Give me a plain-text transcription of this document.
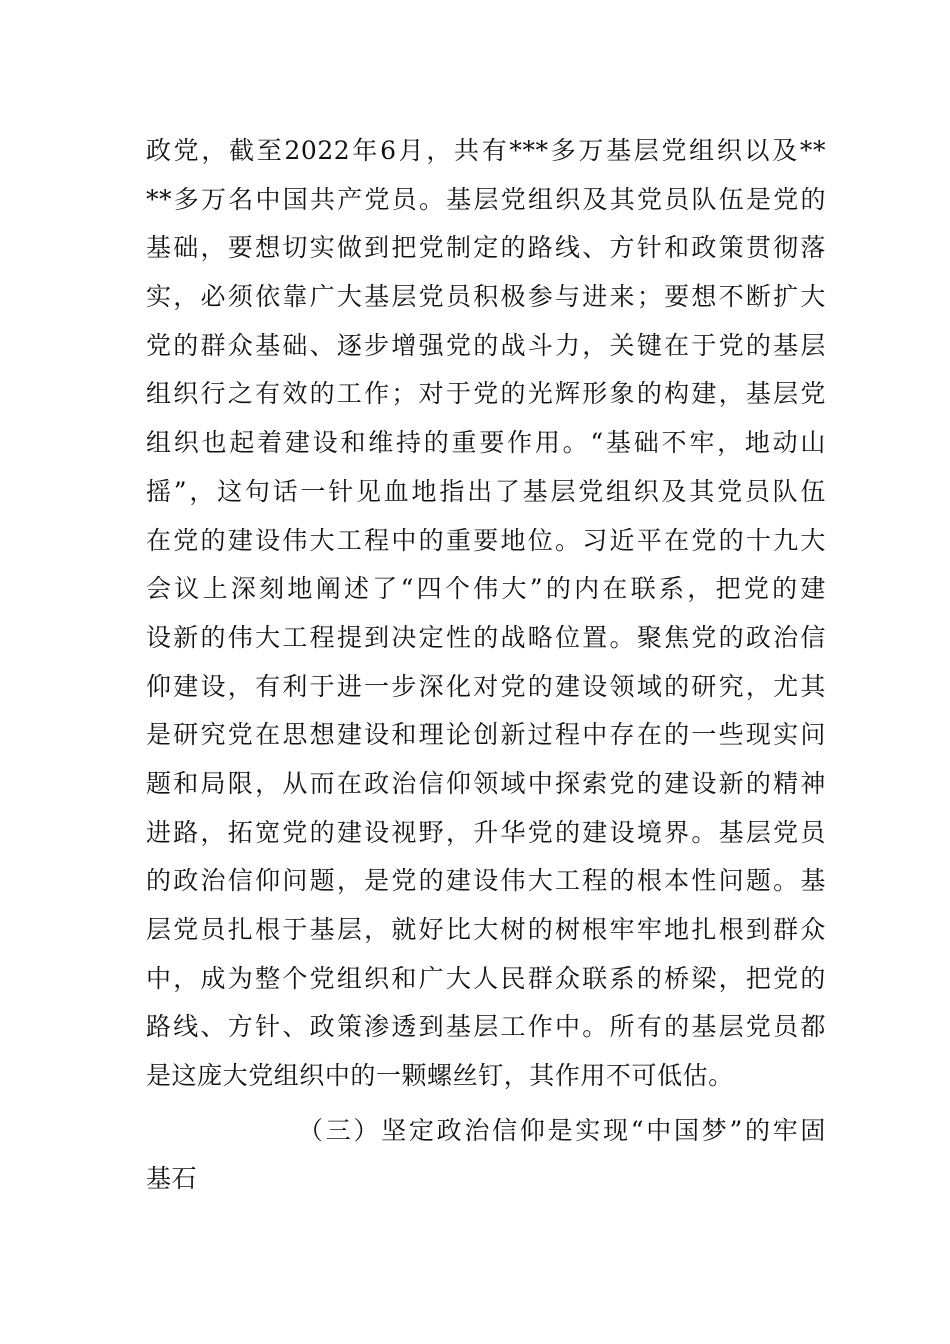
政党，截至2022年6月，共有***多万基层党组织以及**
**多万名中国共产党员。基层党组织及其党员队伍是党的
基础，要想切实做到把党制定的路线、方针和政策贯彻落
实，必须依靠广大基层党员积极参与进来；要想不断扩大
党的群众基础、逐步增强党的战斗力，关键在于党的基层
组织行之有效的工作；对于党的光辉形象的构建，基层党
组织也起着建设和维持的重要作用。“基础不牢，地动山
摇”，这句话一针见血地指出了基层党组织及其党员队伍
在党的建设伟大工程中的重要地位。习近平在党的十九大
会议上深刻地阐述了“四个伟大”的内在联系，把党的建
设新的伟大工程提到决定性的战略位置。聚焦党的政治信
仰建设，有利于进一步深化对党的建设领域的研究，尤其
是研究党在思想建设和理论创新过程中存在的一些现实问
题和局限，从而在政治信仰领域中探索党的建设新的精神
进路，拓宽党的建设视野，升华党的建设境界。基层党员
的政治信仰问题，是党的建设伟大工程的根本性问题。基
层党员扎根于基层，就好比大树的树根牢牢地扎根到群众
中，成为整个党组织和广大人民群众联系的桥梁，把党的
路线、方针、政策渗透到基层工作中。所有的基层党员都
是这庞大党组织中的一颗螺丝钉，其作用不可低估。
（三）坚定政治信仰是实现“中国梦”的牢固
基石
